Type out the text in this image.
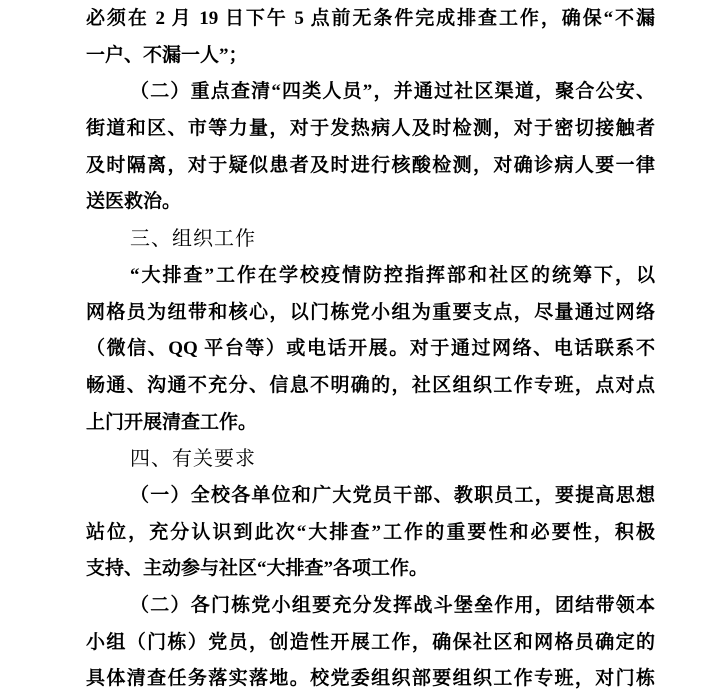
必须在 2 月 19 日下午 5 点前无条件完成排查工作，确保“不漏
一户、不漏一人”；
（二）重点查清“四类人员”，并通过社区渠道，聚合公安、
街道和区、市等力量，对于发热病人及时检测，对于密切接触者
及时隔离，对于疑似患者及时进行核酸检测，对确诊病人要一律
送医救治。
三、组织工作
“大排查”工作在学校疫情防控指挥部和社区的统筹下，以
网格员为纽带和核心，以门栋党小组为重要支点，尽量通过网络
（微信、QQ 平台等）或电话开展。对于通过网络、电话联系不
畅通、沟通不充分、信息不明确的，社区组织工作专班，点对点
上门开展清查工作。
四、有关要求
（一）全校各单位和广大党员干部、教职员工，要提高思想
站位，充分认识到此次“大排查”工作的重要性和必要性，积极
支持、主动参与社区“大排查”各项工作。
（二）各门栋党小组要充分发挥战斗堡垒作用，团结带领本
小组（门栋）党员，创造性开展工作，确保社区和网格员确定的
具体清查任务落实落地。校党委组织部要组织工作专班，对门栋
